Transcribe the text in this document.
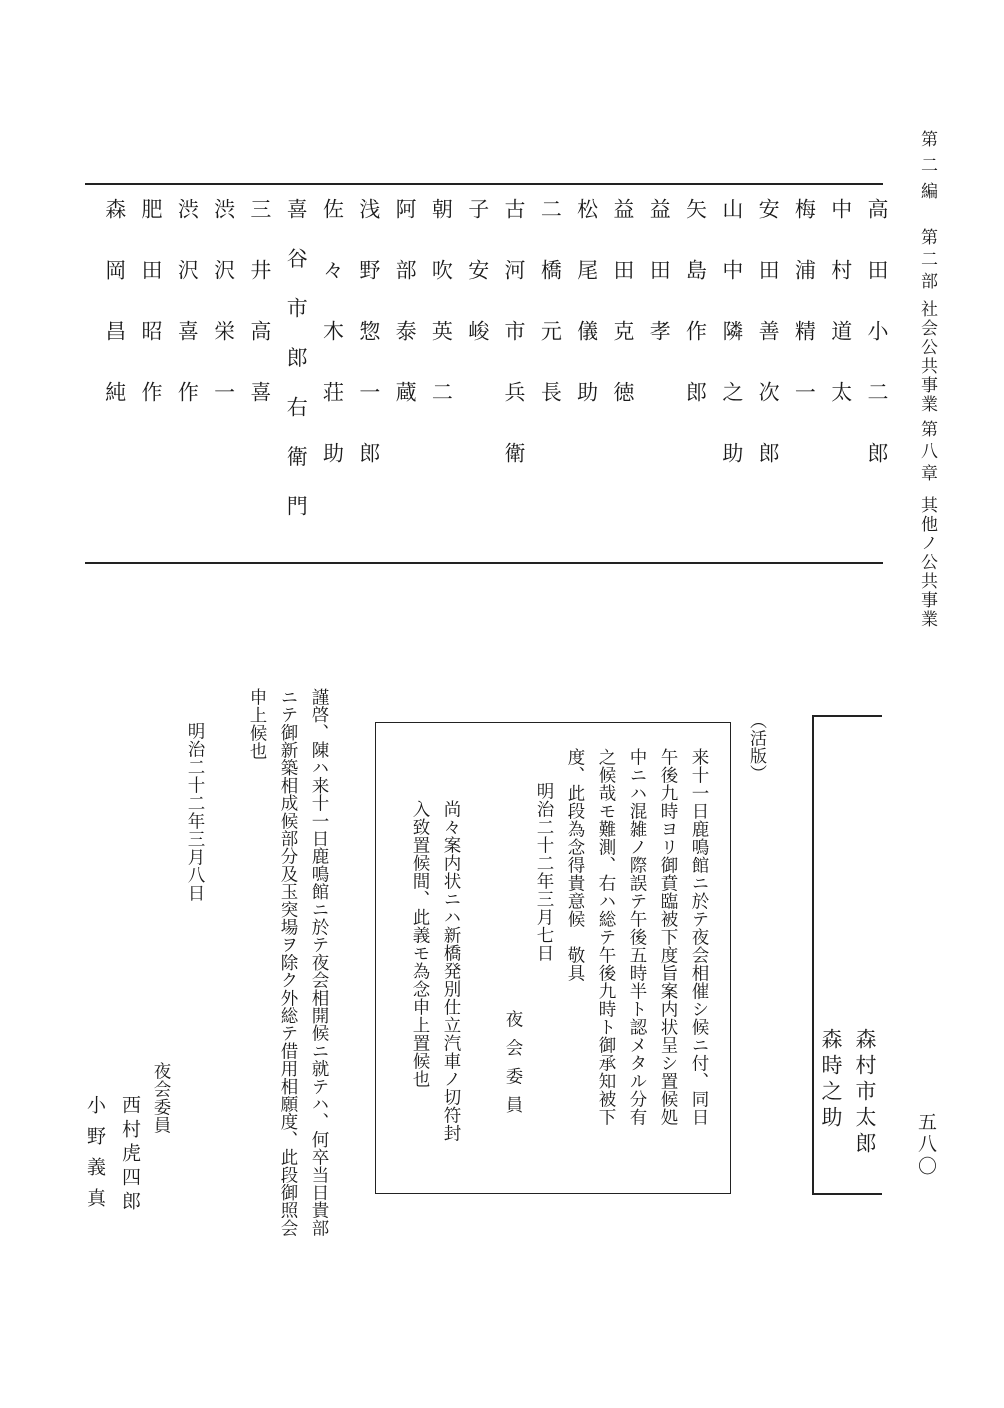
第二編
第二部
社会公共事業
第八章
其他ノ公共事業
五八〇
高田小二郎
中村道太
梅浦精一
安田善次郎
山中隣之助
矢島作郎
益田孝
益田克徳
松尾儀助
二橋元長
古河市兵衛
子安峻
朝吹英二
阿部泰蔵
浅野惣一郎
佐々木荘助
喜谷市郎右衛門
三井高喜
渋沢栄一
渋沢喜作
肥田昭作
森岡昌純
森村市太郎
森時之助
（活版）
来十一日鹿鳴館ニ於テ夜会相催シ候ニ付、同日
午後九時ヨリ御賁臨被下度旨案内状呈シ置候処
中ニハ混雑ノ際誤テ午後五時半ト認メタル分有
之候哉モ難測、右ハ総テ午後九時ト御承知被下
度、此段為念得貴意候　敬具
明治二十二年三月七日
夜会委員
尚々案内状ニハ新橋発別仕立汽車ノ切符封
入致置候間、此義モ為念申上置候也
謹啓、陳ハ来十一日鹿鳴館ニ於テ夜会相開候ニ就テハ、何卒当日貴部
ニテ御新築相成候部分及玉突場ヲ除ク外総テ借用相願度、此段御照会
申上候也
明治二十二年三月八日
夜会委員
西村虎四郎
小野義真
